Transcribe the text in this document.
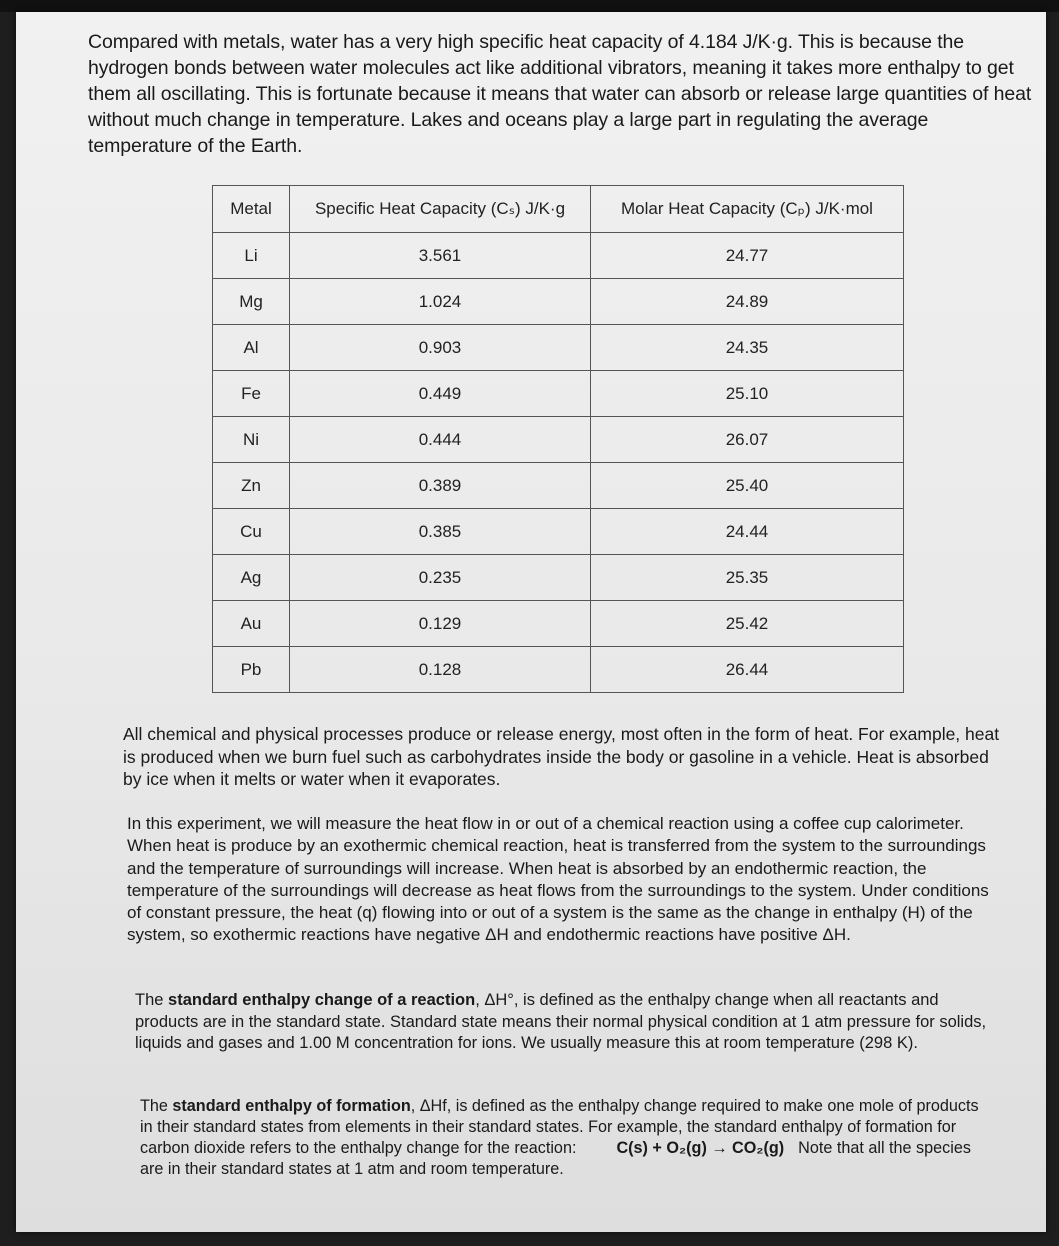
Compared with metals, water has a very high specific heat capacity of 4.184 J/K·g. This is because the hydrogen bonds between water molecules act like additional vibrators, meaning it takes more enthalpy to get them all oscillating. This is fortunate because it means that water can absorb or release large quantities of heat without much change in temperature. Lakes and oceans play a large part in regulating the average temperature of the Earth.

Metal	Specific Heat Capacity (Cₛ) J/K·g	Molar Heat Capacity (Cₚ) J/K·mol
Li	3.561	24.77
Mg	1.024	24.89
Al	0.903	24.35
Fe	0.449	25.10
Ni	0.444	26.07
Zn	0.389	25.40
Cu	0.385	24.44
Ag	0.235	25.35
Au	0.129	25.42
Pb	0.128	26.44

All chemical and physical processes produce or release energy, most often in the form of heat. For example, heat is produced when we burn fuel such as carbohydrates inside the body or gasoline in a vehicle. Heat is absorbed by ice when it melts or water when it evaporates.

In this experiment, we will measure the heat flow in or out of a chemical reaction using a coffee cup calorimeter. When heat is produce by an exothermic chemical reaction, heat is transferred from the system to the surroundings and the temperature of surroundings will increase. When heat is absorbed by an endothermic reaction, the temperature of the surroundings will decrease as heat flows from the surroundings to the system. Under conditions of constant pressure, the heat (q) flowing into or out of a system is the same as the change in enthalpy (H) of the system, so exothermic reactions have negative ΔH and endothermic reactions have positive ΔH.

The standard enthalpy change of a reaction, ΔH°, is defined as the enthalpy change when all reactants and products are in the standard state. Standard state means their normal physical condition at 1 atm pressure for solids, liquids and gases and 1.00 M concentration for ions. We usually measure this at room temperature (298 K).

The standard enthalpy of formation, ΔHf, is defined as the enthalpy change required to make one mole of products in their standard states from elements in their standard states. For example, the standard enthalpy of formation for carbon dioxide refers to the enthalpy change for the reaction: C(s) + O₂(g) → CO₂(g) Note that all the species are in their standard states at 1 atm and room temperature.
